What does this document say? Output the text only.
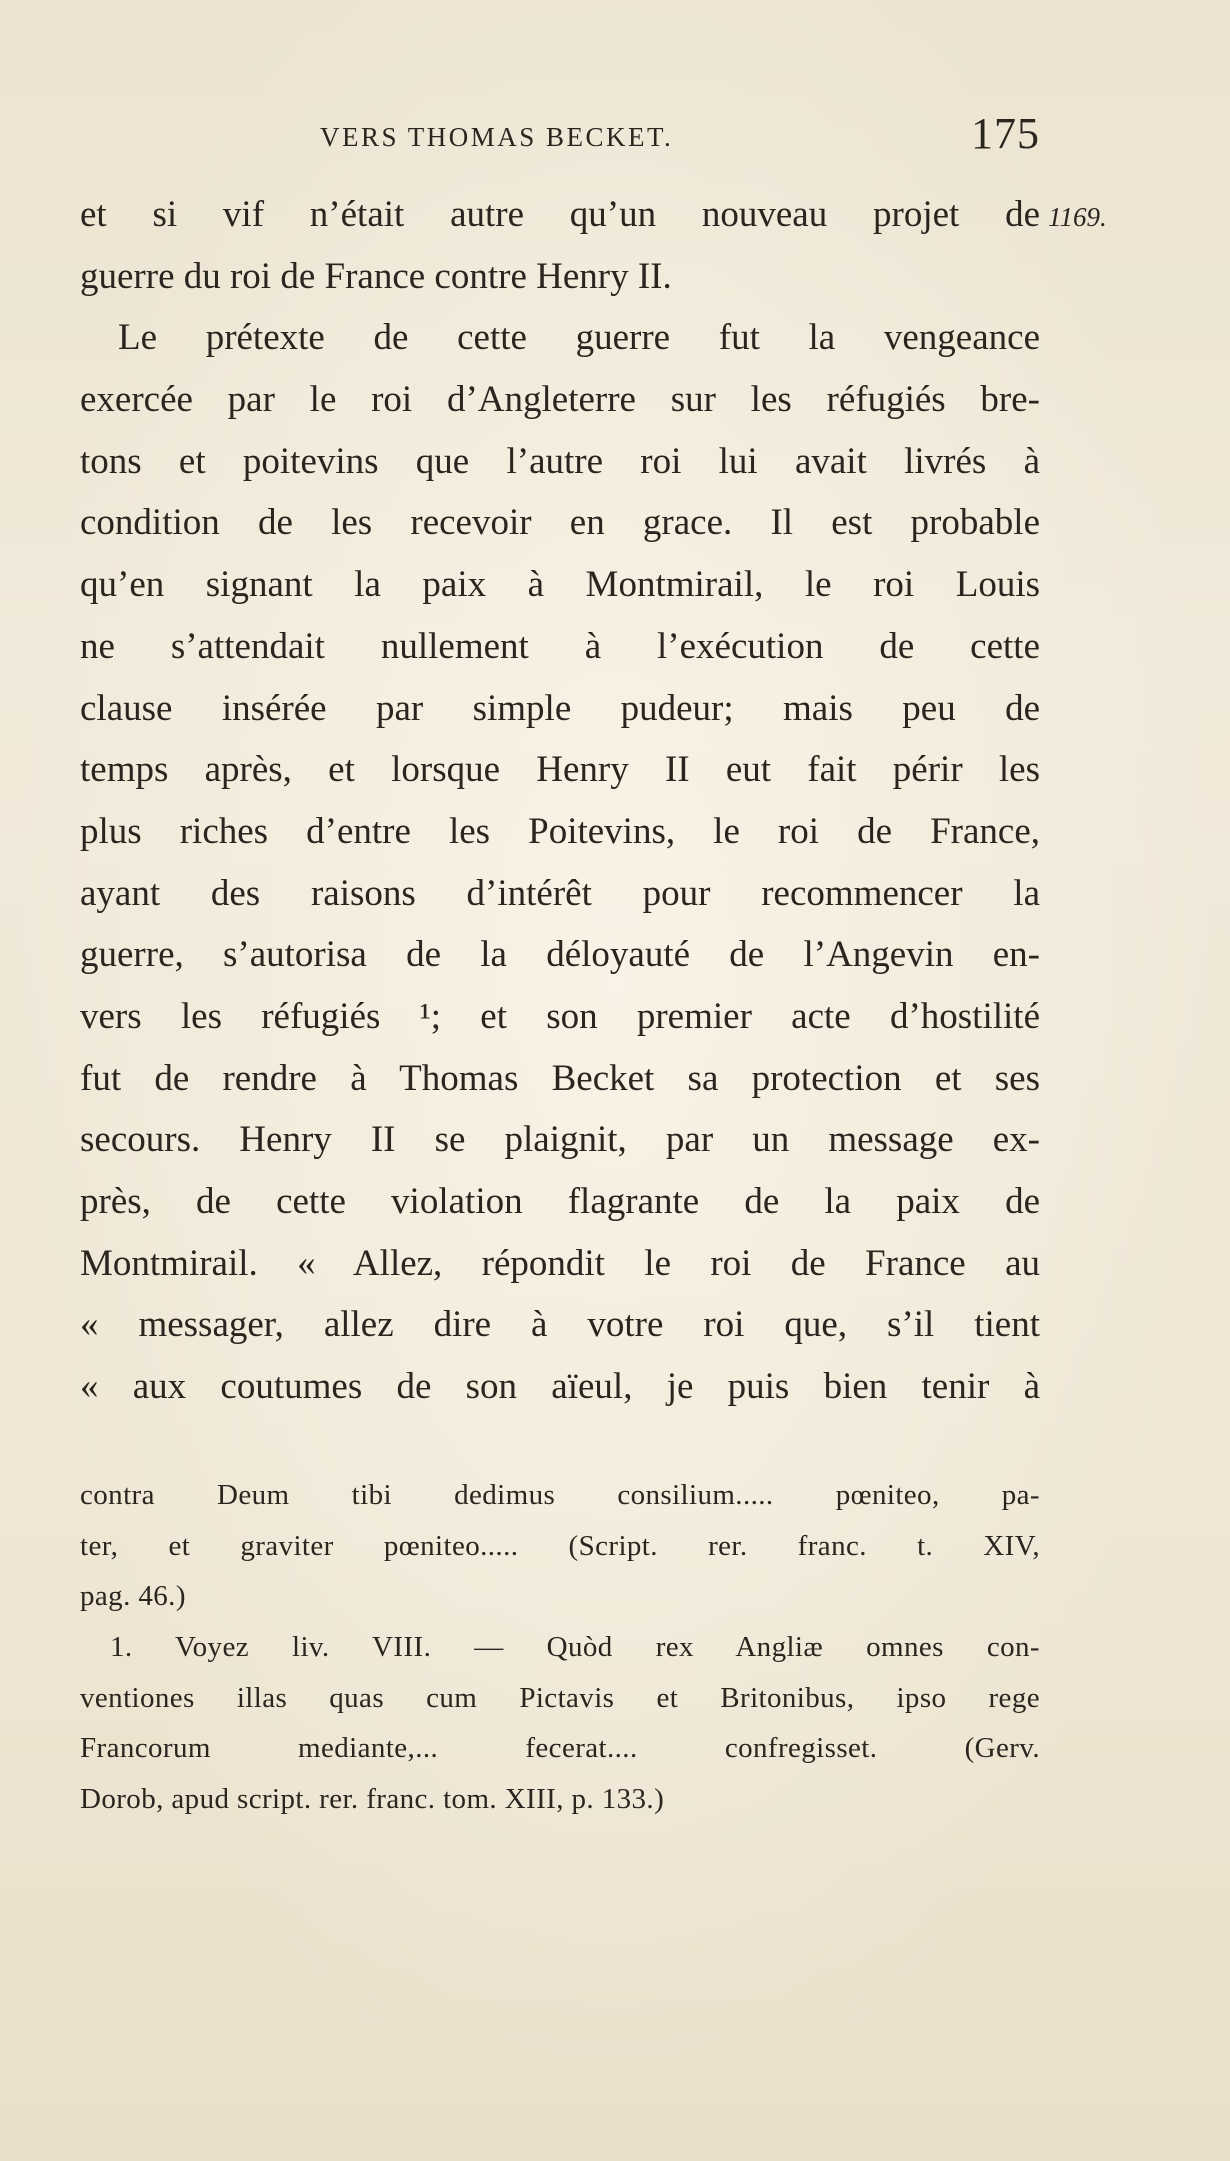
VERS THOMAS BECKET.	175
1169.
et si vif n’était autre qu’un nouveau projet de
guerre du roi de France contre Henry II.
Le prétexte de cette guerre fut la vengeance
exercée par le roi d’Angleterre sur les réfugiés bre-
tons et poitevins que l’autre roi lui avait livrés à
condition de les recevoir en grace. Il est probable
qu’en signant la paix à Montmirail, le roi Louis
ne s’attendait nullement à l’exécution de cette
clause insérée par simple pudeur; mais peu de
temps après, et lorsque Henry II eut fait périr les
plus riches d’entre les Poitevins, le roi de France,
ayant des raisons d’intérêt pour recommencer la
guerre, s’autorisa de la déloyauté de l’Angevin en-
vers les réfugiés ¹; et son premier acte d’hostilité
fut de rendre à Thomas Becket sa protection et ses
secours. Henry II se plaignit, par un message ex-
près, de cette violation flagrante de la paix de
Montmirail. « Allez, répondit le roi de France au
« messager, allez dire à votre roi que, s’il tient
« aux coutumes de son aïeul, je puis bien tenir à
contra Deum tibi dedimus consilium..... pœniteo, pa-
ter, et graviter pœniteo..... (Script. rer. franc. t. XIV,
pag. 46.)
1. Voyez liv. VIII. — Quòd rex Angliæ omnes con-
ventiones illas quas cum Pictavis et Britonibus, ipso rege
Francorum mediante,... fecerat.... confregisset. (Gerv.
Dorob, apud script. rer. franc. tom. XIII, p. 133.)
